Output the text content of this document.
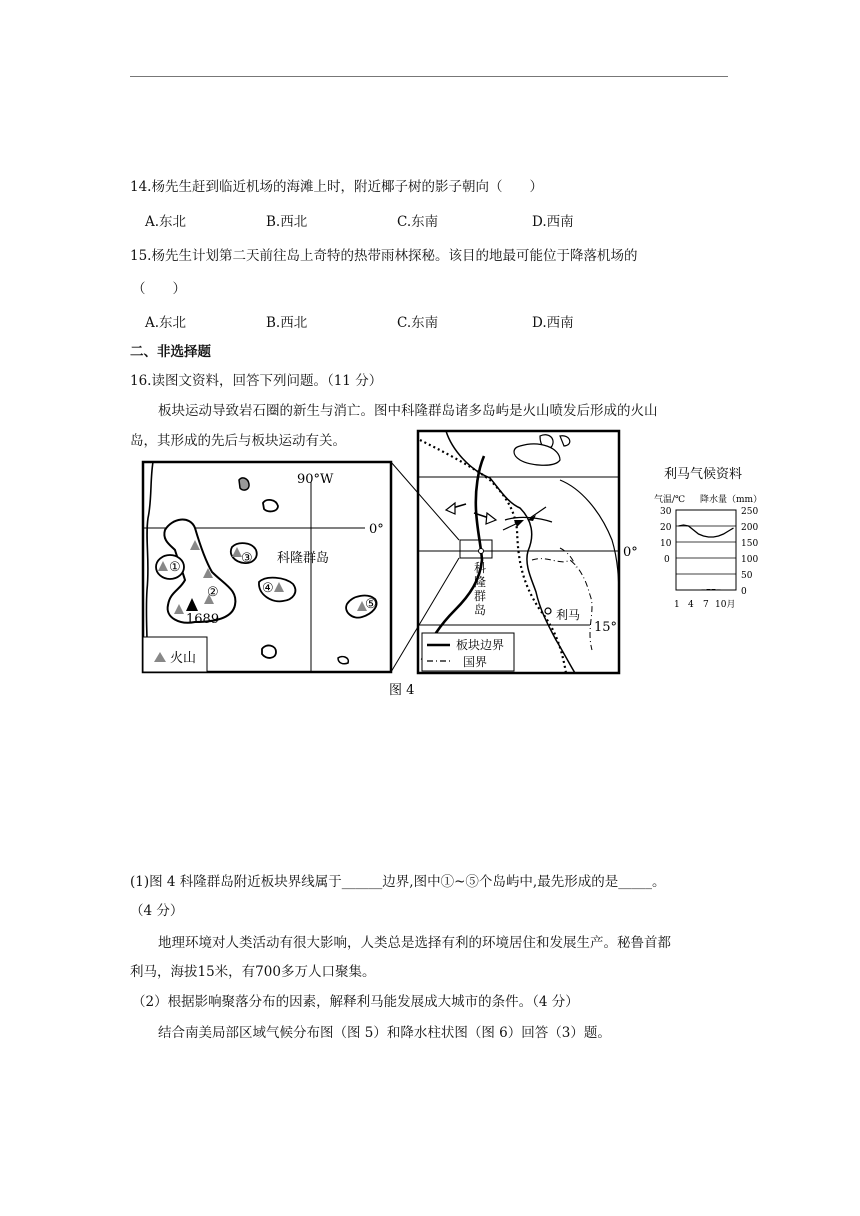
14.杨先生赶到临近机场的海滩上时，附近椰子树的影子朝向（　　）
A.东北	B.西北	C.东南	D.西南
15.杨先生计划第二天前往岛上奇特的热带雨林探秘。该目的地最可能位于降落机场的
（　　）
A.东北	B.西北	C.东南	D.西南
二、非选择题
16.读图文资料，回答下列问题。（11 分）
板块运动导致岩石圈的新生与消亡。图中科隆群岛诸多岛屿是火山喷发后形成的火山
岛，其形成的先后与板块运动有关。
90°W
0°
科隆群岛
①
②
③
④
⑤
1689
火山
0°
15°
科
隆
群
岛	利马
板块边界
国界
利马气候资料
气温/℃ 降水量（mm）
30
20
10
0
250
200
150
100
50
0
1 4 7 10月
图 4
(1)图 4 科隆群岛附近板块界线属于______边界,图中①~⑤个岛屿中,最先形成的是_____。
（4 分）
地理环境对人类活动有很大影响，人类总是选择有利的环境居住和发展生产。秘鲁首都
利马，海拔15米，有700多万人口聚集。
（2）根据影响聚落分布的因素，解释利马能发展成大城市的条件。（4 分）
结合南美局部区域气候分布图（图 5）和降水柱状图（图 6）回答（3）题。
